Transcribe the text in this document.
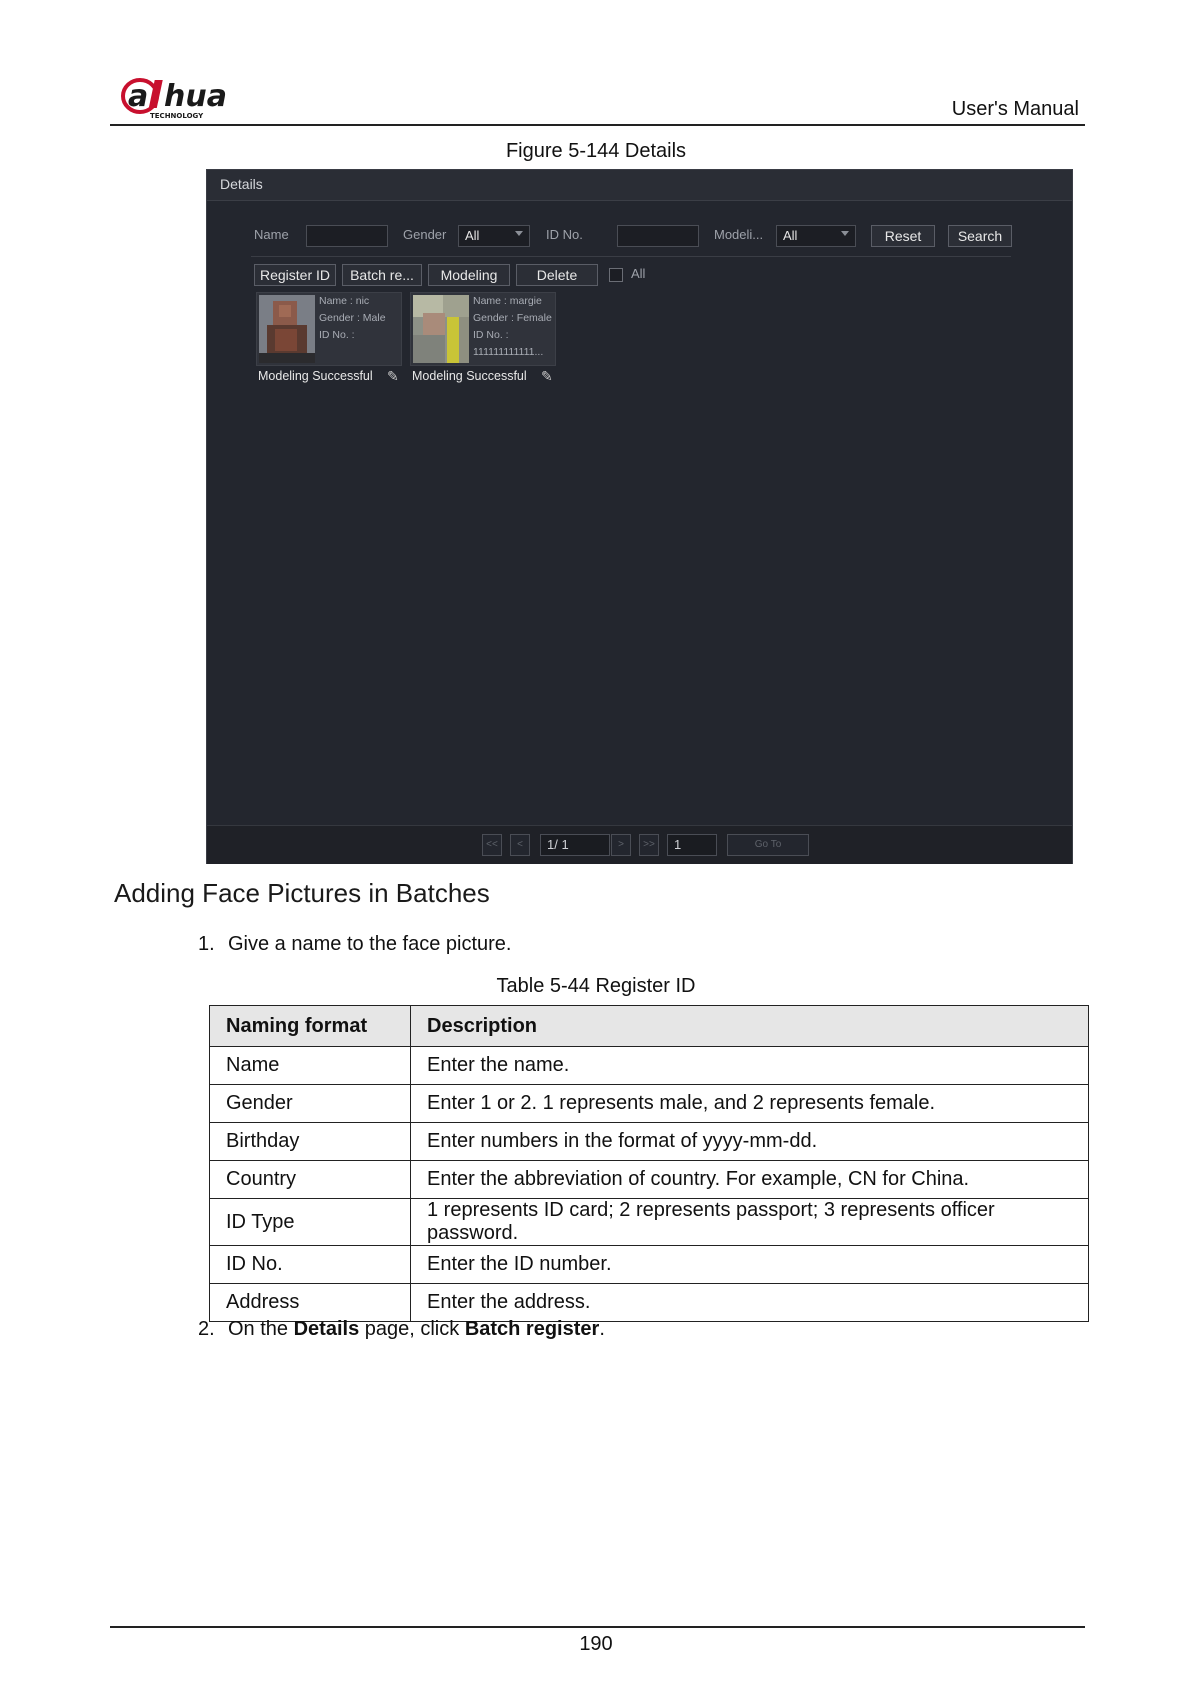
a hua
TECHNOLOGY	User's Manual
Figure 5-144 Details
Details
Name	Gender All	ID No.	Modeli... All	Reset	Search
Register ID	Batch re...	Modeling	Delete	All
Name : nic
Gender : Male
ID No. :
Modeling Successful ✎
Name : margie
Gender : Female
ID No. :
111111111111...
Modeling Successful ✎
<<	<	1/ 1	>	>>	1	Go To
Adding Face Pictures in Batches
1. Give a name to the face picture.
Table 5-44 Register ID
Naming format	Description
Name	Enter the name.
Gender	Enter 1 or 2. 1 represents male, and 2 represents female.
Birthday	Enter numbers in the format of yyyy-mm-dd.
Country	Enter the abbreviation of country. For example, CN for China.
ID Type	1 represents ID card; 2 represents passport; 3 represents officer password.
ID No.	Enter the ID number.
Address	Enter the address.
2. On the Details page, click Batch register.
190
